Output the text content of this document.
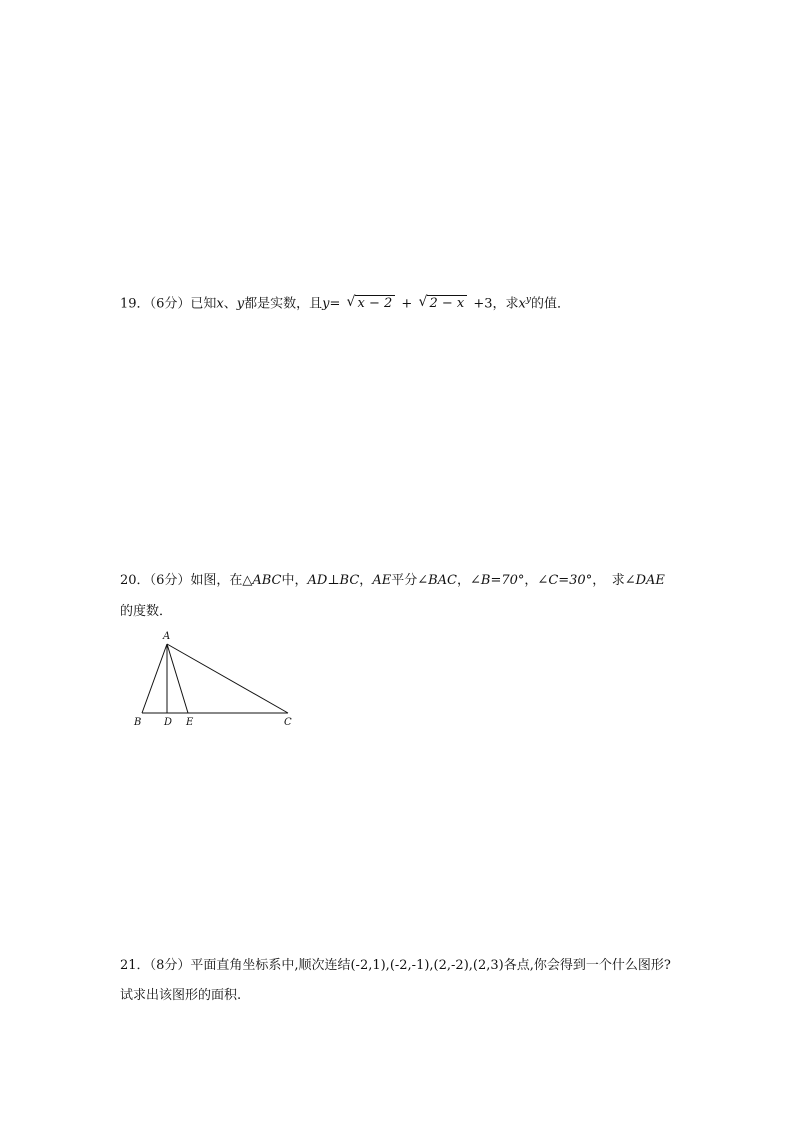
19．（6分）已知x、y都是实数，且y= √ x − 2 + √ 2 − x +3，求$x^y$的值．
20．（6分）如图，在△ABC中，AD⊥BC，AE平分∠BAC，∠B=70°，∠C=30°，　求∠DAE
的度数．
A
B D E	C
21．（8分）平面直角坐标系中,顺次连结(-2,1),(-2,-1),(2,-2),(2,3)各点,你会得到一个什么图形?
试求出该图形的面积.
